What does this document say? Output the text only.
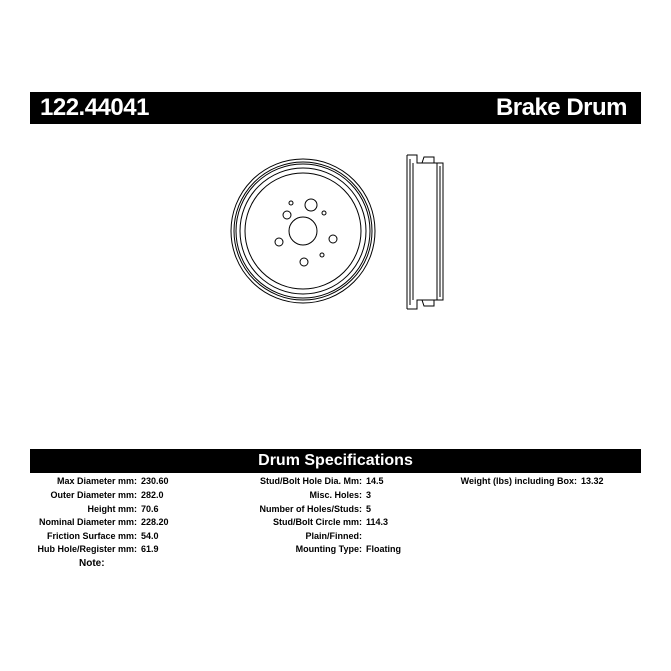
122.44041	Brake Drum
Drum Specifications
Max Diameter mm: 230.60
Outer Diameter mm: 282.0
Height mm: 70.6
Nominal Diameter mm: 228.20
Friction Surface mm: 54.0
Hub Hole/Register mm: 61.9
Stud/Bolt Hole Dia. Mm: 14.5
Misc. Holes: 3
Number of Holes/Studs: 5
Stud/Bolt Circle mm: 114.3
Plain/Finned:
Mounting Type: Floating
Weight (lbs) including Box: 13.32
Note:
